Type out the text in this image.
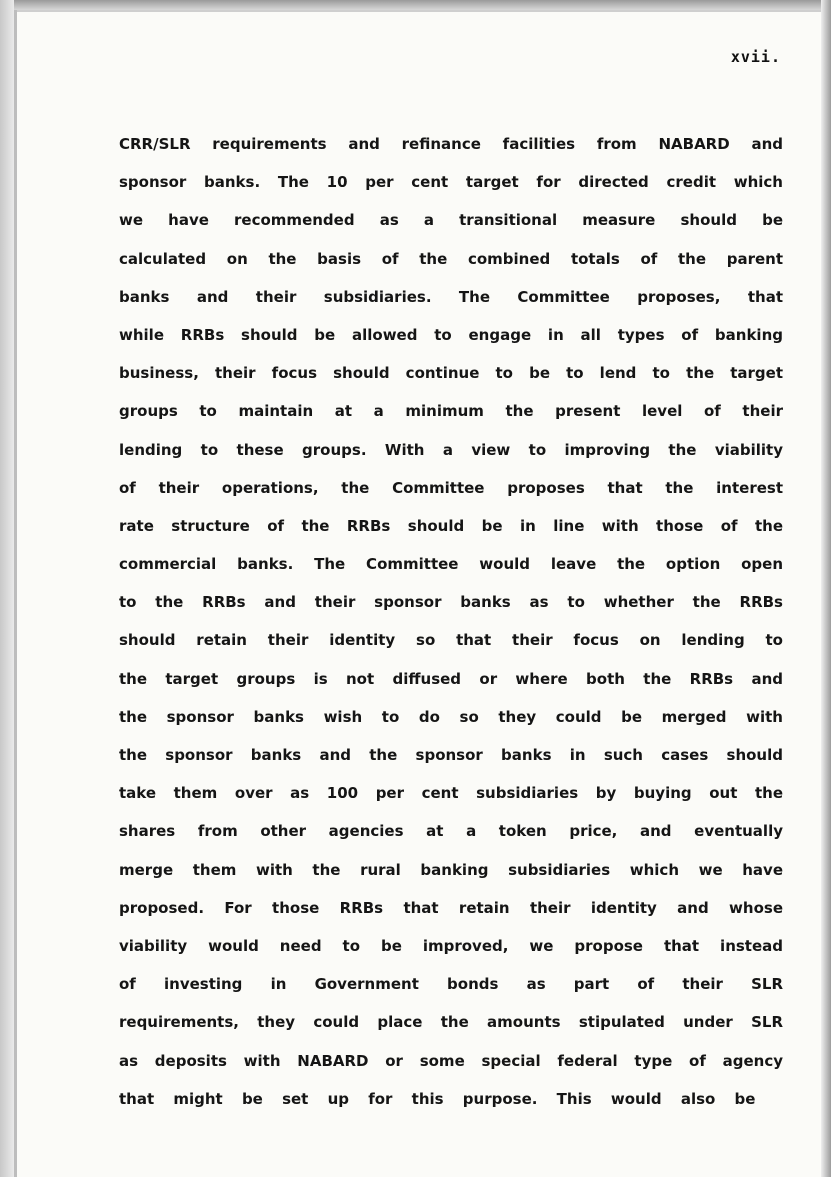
xvii.
CRR/SLR requirements and refinance facilities from NABARD and
sponsor banks. The 10 per cent target for directed credit which
we have recommended as a transitional measure should be
calculated on the basis of the combined totals of the parent
banks and their subsidiaries. The Committee proposes, that
while RRBs should be allowed to engage in all types of banking
business, their focus should continue to be to lend to the target
groups to maintain at a minimum the present level of their
lending to these groups. With a view to improving the viability
of their operations, the Committee proposes that the interest
rate structure of the RRBs should be in line with those of the
commercial banks. The Committee would leave the option open
to the RRBs and their sponsor banks as to whether the RRBs
should retain their identity so that their focus on lending to
the target groups is not diffused or where both the RRBs and
the sponsor banks wish to do so they could be merged with
the sponsor banks and the sponsor banks in such cases should
take them over as 100 per cent subsidiaries by buying out the
shares from other agencies at a token price, and eventually
merge them with the rural banking subsidiaries which we have
proposed. For those RRBs that retain their identity and whose
viability would need to be improved, we propose that instead
of investing in Government bonds as part of their SLR
requirements, they could place the amounts stipulated under SLR
as deposits with NABARD or some special federal type of agency
that might be set up for this purpose. This would also be
